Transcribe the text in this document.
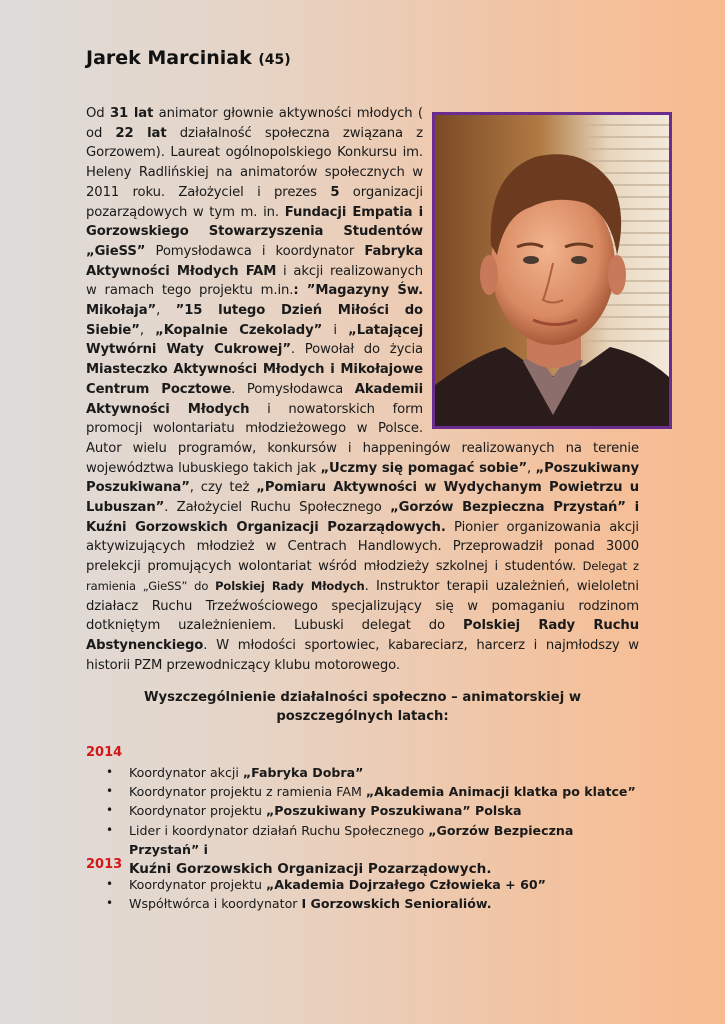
Jarek Marciniak (45)
Od 31 lat animator głownie aktywności młodych ( od 22 lat działalność społeczna związana z Gorzowem). Laureat ogólnopolskiego Konkursu im. Heleny Radlińskiej na animatorów społecznych w 2011 roku. Założyciel i prezes 5 organizacji pozarządowych w tym m. in. Fundacji Empatia i Gorzowskiego Stowarzyszenia Studentów „GieSS” Pomysłodawca i koordynator Fabryka Aktywności Młodych FAM i akcji realizowanych w ramach tego projektu m.in.: ”Magazyny Św. Mikołaja”, ”15 lutego Dzień Miłości do Siebie”, „Kopalnie Czekolady” i „Latającej Wytwórni Waty Cukrowej”. Powołał do życia Miasteczko Aktywności Młodych i Mikołajowe Centrum Pocztowe. Pomysłodawca Akademii Aktywności Młodych i nowatorskich form promocji wolontariatu młodzieżowego w Polsce. Autor wielu programów, konkursów i happeningów realizowanych na terenie województwa lubuskiego takich jak „Uczmy się pomagać sobie”, „Poszukiwany Poszukiwana”, czy też „Pomiaru Aktywności w Wydychanym Powietrzu u Lubuszan”. Założyciel Ruchu Społecznego „Gorzów Bezpieczna Przystań” i Kuźni Gorzowskich Organizacji Pozarządowych. Pionier organizowania akcji aktywizujących młodzież w Centrach Handlowych. Przeprowadził ponad 3000 prelekcji promujących wolontariat wśród młodzieży szkolnej i studentów. Delegat z ramienia „GieSS” do Polskiej Rady Młodych. Instruktor terapii uzależnień, wieloletni działacz Ruchu Trzeźwościowego specjalizujący się w pomaganiu rodzinom dotkniętym uzależnieniem. Lubuski delegat do Polskiej Rady Ruchu Abstynenckiego. W młodości sportowiec, kabareciarz, harcerz i najmłodszy w historii PZM przewodniczący klubu motorowego.
Wyszczególnienie działalności społeczno – animatorskiej w poszczególnych latach:
2014
• Koordynator akcji „Fabryka Dobra”
• Koordynator projektu z ramienia FAM „Akademia Animacji klatka po klatce”
• Koordynator projektu „Poszukiwany Poszukiwana” Polska
• Lider i koordynator działań Ruchu Społecznego „Gorzów Bezpieczna Przystań” i
Kuźni Gorzowskich Organizacji Pozarządowych.
2013
• Koordynator projektu „Akademia Dojrzałego Człowieka + 60”
• Współtwórca i koordynator I Gorzowskich Senioraliów.
